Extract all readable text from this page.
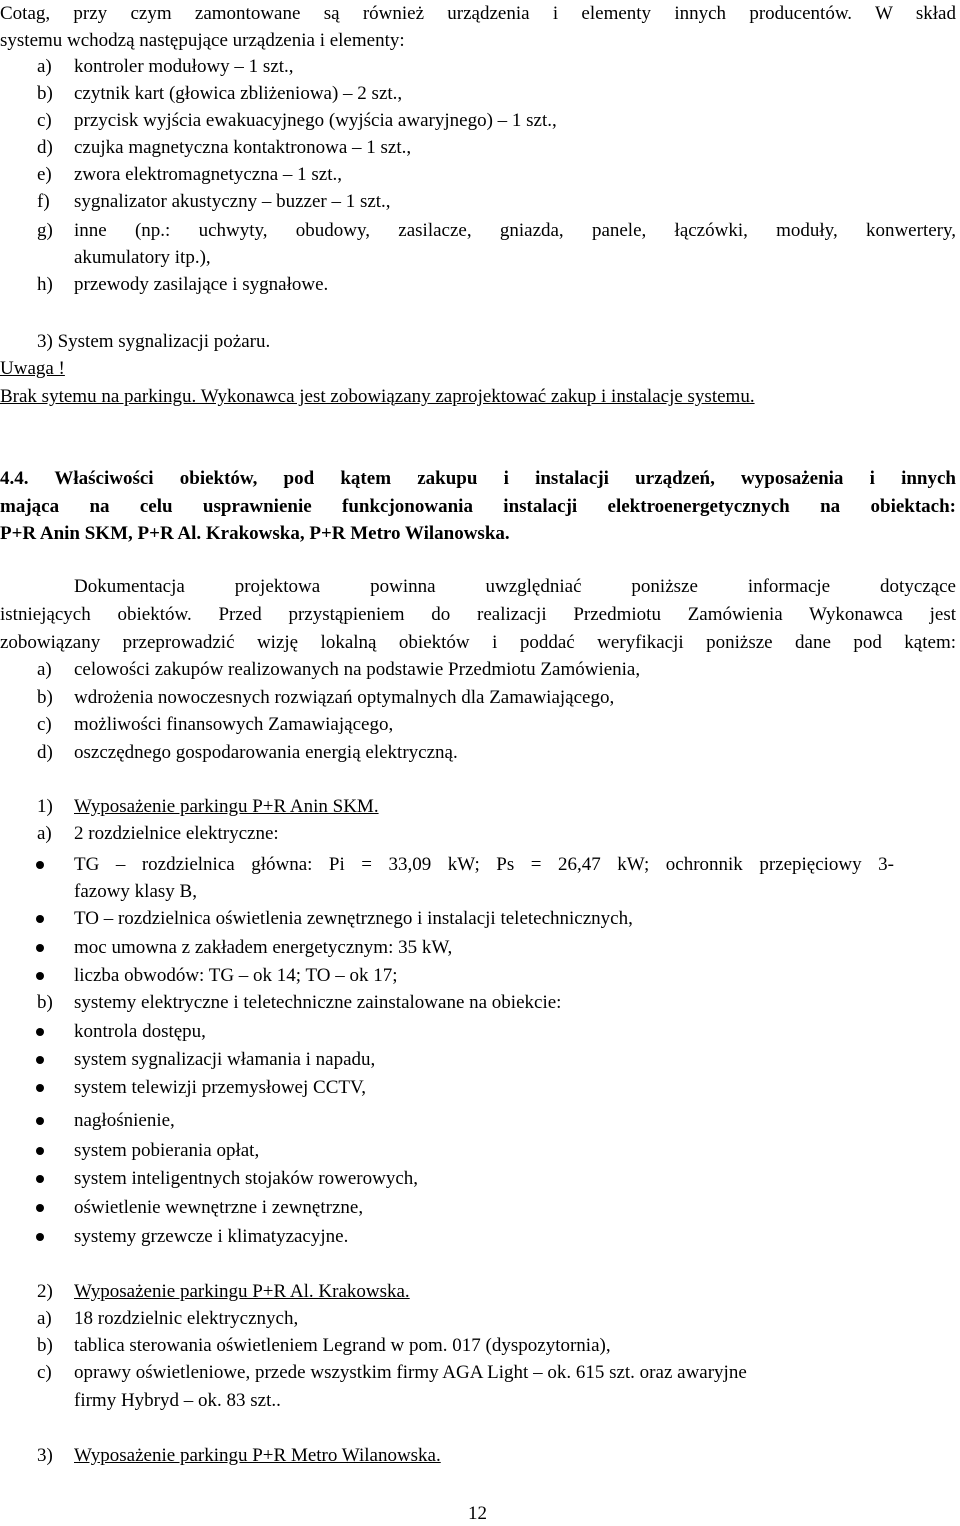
Cotag, przy czym zamontowane są również urządzenia i elementy innych producentów. W skład
systemu wchodzą następujące urządzenia i elementy:
a) kontroler modułowy – 1 szt.,
b) czytnik kart (głowica zbliżeniowa) – 2 szt.,
c) przycisk wyjścia ewakuacyjnego (wyjścia awaryjnego) – 1 szt.,
d) czujka magnetyczna kontaktronowa – 1 szt.,
e) zwora elektromagnetyczna – 1 szt.,
f) sygnalizator akustyczny – buzzer – 1 szt.,
g) inne (np.: uchwyty, obudowy, zasilacze, gniazda, panele, łączówki, moduły, konwertery,
akumulatory itp.),
h) przewody zasilające i sygnałowe.
3) System sygnalizacji pożaru.
Uwaga !
Brak sytemu na parkingu. Wykonawca jest zobowiązany zaprojektować zakup i instalacje systemu.
4.4. Właściwości obiektów, pod kątem zakupu i instalacji urządzeń, wyposażenia i innych
mająca na celu usprawnienie funkcjonowania instalacji elektroenergetycznych na obiektach:
P+R Anin SKM, P+R Al. Krakowska, P+R Metro Wilanowska.
Dokumentacja projektowa powinna uwzględniać poniższe informacje dotyczące
istniejących obiektów. Przed przystąpieniem do realizacji Przedmiotu Zamówienia Wykonawca jest
zobowiązany przeprowadzić wizję lokalną obiektów i poddać weryfikacji poniższe dane pod kątem:
a) celowości zakupów realizowanych na podstawie Przedmiotu Zamówienia,
b) wdrożenia nowoczesnych rozwiązań optymalnych dla Zamawiającego,
c) możliwości finansowych Zamawiającego,
d) oszczędnego gospodarowania energią elektryczną.
1) Wyposażenie parkingu P+R Anin SKM.
a) 2 rozdzielnice elektryczne:
TG – rozdzielnica główna: Pi = 33,09 kW; Ps = 26,47 kW; ochronnik przepięciowy 3-
fazowy klasy B,
TO – rozdzielnica oświetlenia zewnętrznego i instalacji teletechnicznych,
moc umowna z zakładem energetycznym: 35 kW,
liczba obwodów: TG – ok 14; TO – ok 17;
b) systemy elektryczne i teletechniczne zainstalowane na obiekcie:
kontrola dostępu,
system sygnalizacji włamania i napadu,
system telewizji przemysłowej CCTV,
nagłośnienie,
system pobierania opłat,
system inteligentnych stojaków rowerowych,
oświetlenie wewnętrzne i zewnętrzne,
systemy grzewcze i klimatyzacyjne.
2) Wyposażenie parkingu P+R Al. Krakowska.
a) 18 rozdzielnic elektrycznych,
b) tablica sterowania oświetleniem Legrand w pom. 017 (dyspozytornia),
c) oprawy oświetleniowe, przede wszystkim firmy AGA Light – ok. 615 szt. oraz awaryjne
firmy Hybryd – ok. 83 szt..
3) Wyposażenie parkingu P+R Metro Wilanowska.
12
